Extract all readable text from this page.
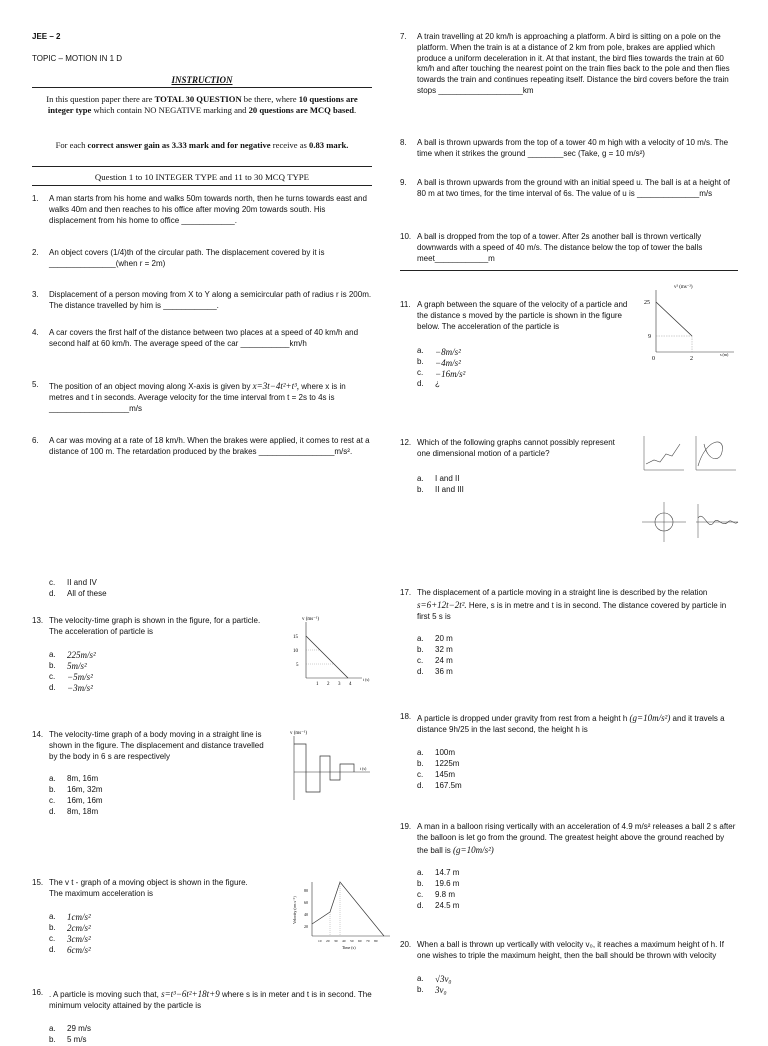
JEE – 2
TOPIC – MOTION IN 1 D
INSTRUCTION
In this question paper there are TOTAL 30 QUESTION be there, where 10 questions are integer type which contain NO NEGATIVE marking and 20 questions are MCQ based.
For each correct answer gain as 3.33 mark and for negative receive as 0.83 mark.
Question 1 to 10 INTEGER TYPE and 11 to 30 MCQ TYPE
1.	A man starts from his home and walks 50m towards north, then he turns towards east and walks 40m and then reaches to his office after moving 20m towards south. His displacement from his home to office ____________.
2.	An object covers (1/4)th of the circular path. The displacement covered by it is _______________(when r = 2m)
3.	Displacement of a person moving from X to Y along a semicircular path of radius r is 200m. The distance travelled by him is ____________.
4.	A car covers the first half of the distance between two places at a speed of 40 km/h and second half at 60 km/h. The average speed of the car ___________km/h
5.	The position of an object moving along X-axis is given by x=3t−4t²+t³, where x is in metres and t in seconds. Average velocity for the time interval from t = 2s to 4s is __________________m/s
6.	A car was moving at a rate of 18 km/h. When the brakes were applied, it comes to rest at a distance of 100 m. The retardation produced by the brakes _________________m/s².
c.	II and IV
d.	All of these
13. The velocity-time graph is shown in the figure, for a particle. The acceleration of particle is
a.	225m/s²
b.	5m/s²
c.	−5m/s²
d.	−3m/s²
v (ms⁻¹)
15
10
5
1 2 3 4
t (s)
14. The velocity-time graph of a body moving in a straight line is shown in the figure. The displacement and distance travelled by the body in 6 s are respectively
a.	8m, 16m
b.	16m, 32m
c.	16m, 16m
d.	8m, 18m
v (ms⁻¹)
t (s)
15. The v t - graph of a moving object is shown in the figure. The maximum acceleration is
a.	1cm/s²
b.	2cm/s²
c.	3cm/s²
d.	6cm/s²
Velocity (cm s⁻¹)
80
60
40
20
10 20 30 40 50 60 70 80
Time (s)
16. . A particle is moving such that, s=t³−6t²+18t+9 where s is in meter and t is in second. The minimum velocity attained by the particle is
a.	29 m/s
b.	5 m/s
7.	A train travelling at 20 km/h is approaching a platform. A bird is sitting on a pole on the platform. When the train is at a distance of 2 km from pole, brakes are applied which produce a uniform deceleration in it. At that instant, the bird flies towards the train at 60 km/h and after touching the nearest point on the train flies back to the pole and then flies towards the train and continues repeating itself. Distance the bird covers before the train stops ___________________km
8.	A ball is thrown upwards from the top of a tower 40 m high with a velocity of 10 m/s. The time when it strikes the ground ________sec (Take, g = 10 m/s²)
9.	A ball is thrown upwards from the ground with an initial speed u. The ball is at a height of 80 m at two times, for the time interval of 6s. The value of u is ______________m/s
10. A ball is dropped from the top of a tower. After 2s another ball is thrown vertically downwards with a speed of 40 m/s. The distance below the top of tower the balls meet____________m
11. A graph between the square of the velocity of a particle and the distance s moved by the particle is shown in the figure below. The acceleration of the particle is
a.	−8m/s²
b.	−4m/s²
c.	−16m/s²
d.	¿
v² (ms⁻²)
25
9
0	2
s (m)
12. Which of the following graphs cannot possibly represent one dimensional motion of a particle?
a.	I and II
b.	II and III
17. The displacement of a particle moving in a straight line is described by the relation s=6+12t−2t². Here, s is in metre and t is in second. The distance covered by particle in first 5 s is
a.	20 m
b.	32 m
c.	24 m
d.	36 m
18. A particle is dropped under gravity from rest from a height h (g=10m/s²) and it travels a distance 9h/25 in the last second, the height h is
a.	100m
b.	1225m
c.	145m
d.	167.5m
19. A man in a balloon rising vertically with an acceleration of 4.9 m/s² releases a ball 2 s after the balloon is let go from the ground. The greatest height above the ground reached by the ball is (g=10m/s²)
a.	14.7 m
b.	19.6 m
c.	9.8 m
d.	24.5 m
20. When a ball is thrown up vertically with velocity v₀, it reaches a maximum height of h. If one wishes to triple the maximum height, then the ball should be thrown with velocity
a.	√3v₀
b.	3v₀
